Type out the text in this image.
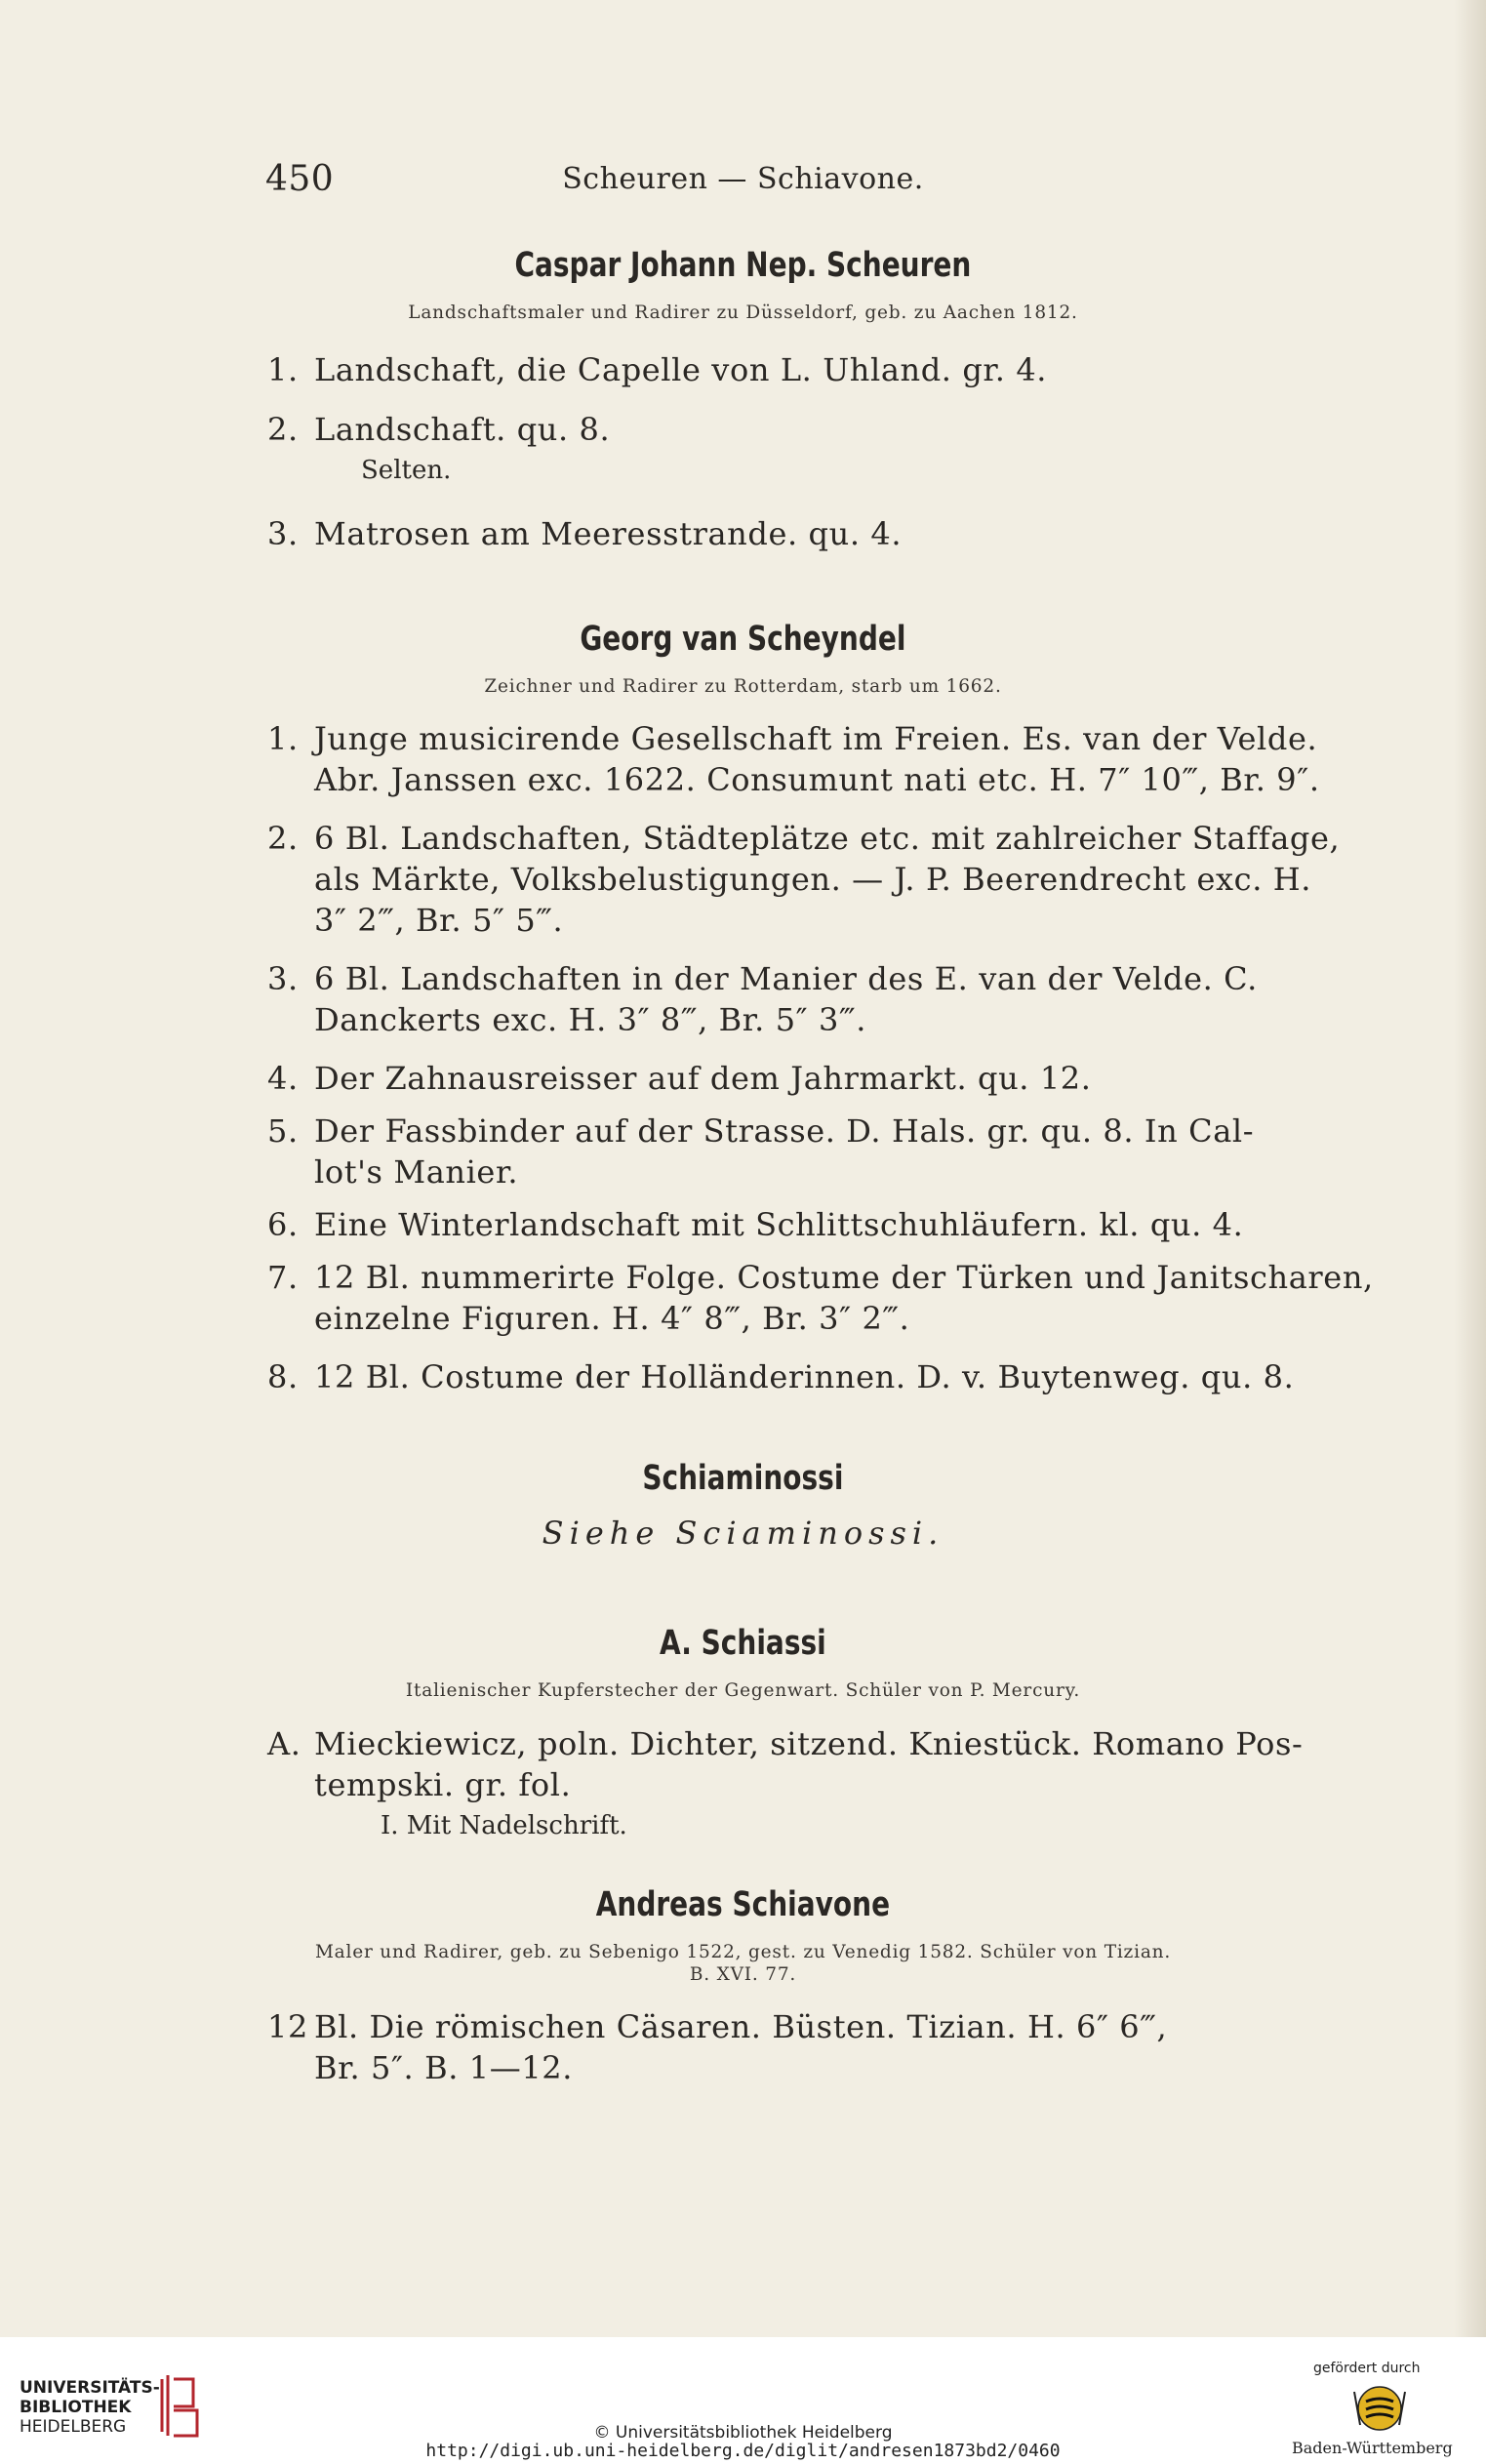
450	Scheuren — Schiavone.
Caspar Johann Nep. Scheuren
Landschaftsmaler und Radirer zu Düsseldorf, geb. zu Aachen 1812.
1. Landschaft, die Capelle von L. Uhland. gr. 4.
2. Landschaft. qu. 8.
Selten.
3. Matrosen am Meeresstrande. qu. 4.
Georg van Scheyndel
Zeichner und Radirer zu Rotterdam, starb um 1662.
1. Junge musicirende Gesellschaft im Freien. Es. van der Velde.
Abr. Janssen exc. 1622. Consumunt nati etc. H. 7″ 10‴, Br. 9″.
2. 6 Bl. Landschaften, Städteplätze etc. mit zahlreicher Staffage,
als Märkte, Volksbelustigungen. — J. P. Beerendrecht exc. H.
3″ 2‴, Br. 5″ 5‴.
3. 6 Bl. Landschaften in der Manier des E. van der Velde. C.
Danckerts exc. H. 3″ 8‴, Br. 5″ 3‴.
4. Der Zahnausreisser auf dem Jahrmarkt. qu. 12.
5. Der Fassbinder auf der Strasse. D. Hals. gr. qu. 8. In Cal-
lot's Manier.
6. Eine Winterlandschaft mit Schlittschuhläufern. kl. qu. 4.
7. 12 Bl. nummerirte Folge. Costume der Türken und Janitscharen,
einzelne Figuren. H. 4″ 8‴, Br. 3″ 2‴.
8. 12 Bl. Costume der Holländerinnen. D. v. Buytenweg. qu. 8.
Schiaminossi
Siehe Sciaminossi.
A. Schiassi
Italienischer Kupferstecher der Gegenwart. Schüler von P. Mercury.
A. Mieckiewicz, poln. Dichter, sitzend. Kniestück. Romano Pos-
tempski. gr. fol.
I. Mit Nadelschrift.
Andreas Schiavone
Maler und Radirer, geb. zu Sebenigo 1522, gest. zu Venedig 1582. Schüler von Tizian.
B. XVI. 77.
12 Bl. Die römischen Cäsaren. Büsten. Tizian. H. 6″ 6‴,
Br. 5″. B. 1—12.
UNIVERSITÄTS-
BIBLIOTHEK
HEIDELBERG	© Universitätsbibliothek Heidelberg
http://digi.ub.uni-heidelberg.de/diglit/andresen1873bd2/0460
gefördert durch
Baden-Württemberg
